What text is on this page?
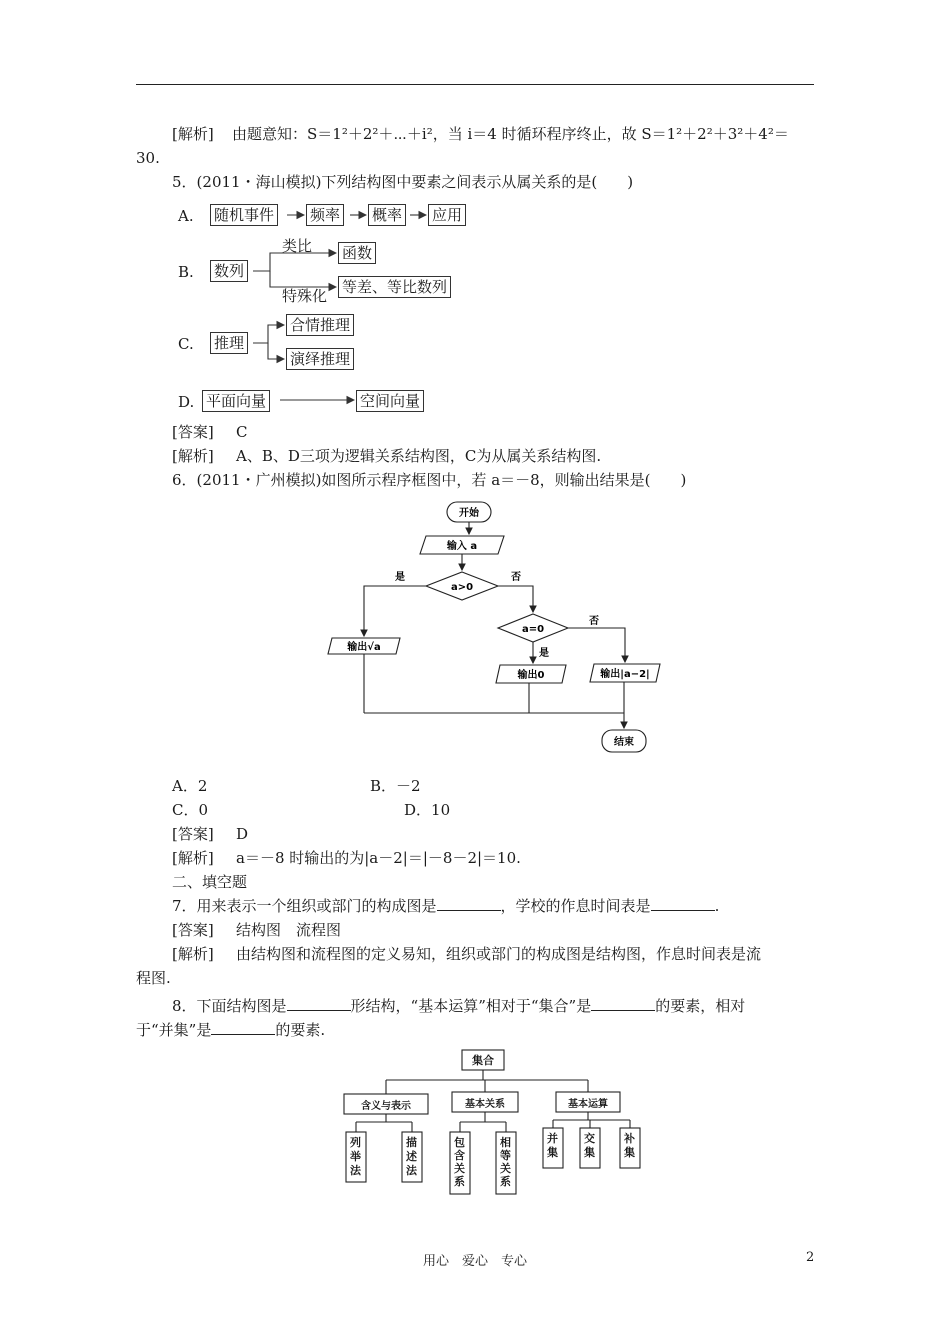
[解析] 由题意知：S＝1²＋2²＋⋯＋i²，当 i＝4 时循环程序终止，故 S＝1²＋2²＋3²＋4²＝
30.
5．(2011・海山模拟)下列结构图中要素之间表示从属关系的是(　　)
A. 随机事件 频率 概率 应用
B. 数列
类比 函数
特殊化 等差、等比数列
C. 推理
合情推理
演绎推理
D. 平面向量	空间向量
[答案] C
[解析] A、B、D三项为逻辑关系结构图，C为从属关系结构图.
6．(2011・广州模拟)如图所示程序框图中，若 a＝－8，则输出结果是(　　)
开始
输入 a
a>0
是	否
a=0
是
否
输出√a
输出0	输出|a−2|
结束
A．2	B．－2
C．0	D．10
[答案] D
[解析] a＝－8 时输出的为|a－2|＝|－8－2|＝10.
二、填空题
7．用来表示一个组织或部门的构成图是	，学校的作息时间表是	.
[答案] 结构图　流程图
[解析] 由结构图和流程图的定义易知，组织或部门的构成图是结构图，作息时间表是流
程图.
8．下面结构图是	形结构，“基本运算”相对于“集合”是	的要素，相对
于“并集”是	的要素.
集合
含义与表示	基本关系	基本运算
列举法
描述法
包含关系
相等关系
并集
交集
补集
用心　爱心　专心	2
